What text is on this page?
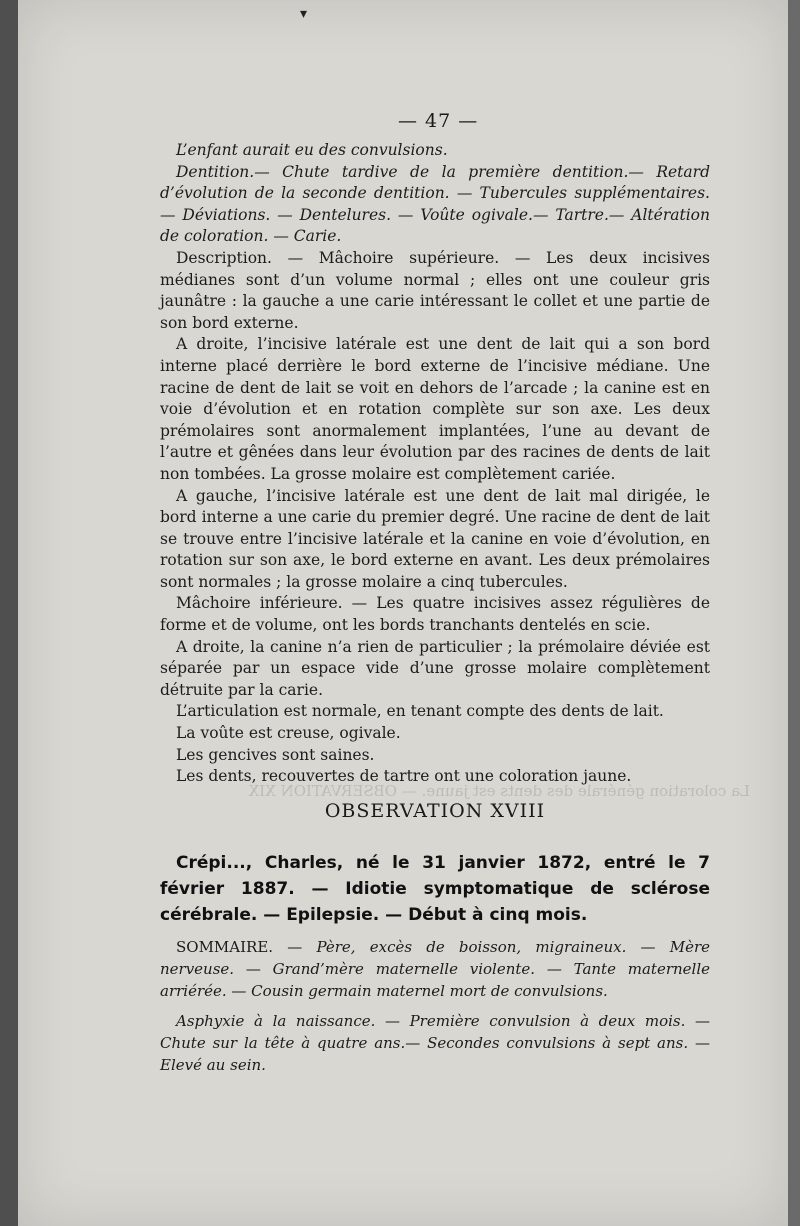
▾
— 47 —

L’enfant aurait eu des convulsions.

Dentition.— Chute tardive de la première dentition.— Retard d’évolution de la seconde dentition. — Tubercules supplémentaires. — Déviations. — Dentelures. — Voûte ogivale.— Tartre.— Altération de coloration. — Carie.

Description. — Mâchoire supérieure. — Les deux incisives médianes sont d’un volume normal ; elles ont une couleur gris jaunâtre : la gauche a une carie intéressant le collet et une partie de son bord externe.

A droite, l’incisive latérale est une dent de lait qui a son bord interne placé derrière le bord externe de l’incisive médiane. Une racine de dent de lait se voit en dehors de l’arcade ; la canine est en voie d’évolution et en rotation complète sur son axe. Les deux prémolaires sont anormalement implantées, l’une au devant de l’autre et gênées dans leur évolution par des racines de dents de lait non tombées. La grosse molaire est complètement cariée.

A gauche, l’incisive latérale est une dent de lait mal dirigée, le bord interne a une carie du premier degré. Une racine de dent de lait se trouve entre l’incisive latérale et la canine en voie d’évolution, en rotation sur son axe, le bord externe en avant. Les deux prémolaires sont normales ; la grosse molaire a cinq tubercules.

Mâchoire inférieure. — Les quatre incisives assez régulières de forme et de volume, ont les bords tranchants dentelés en scie.

A droite, la canine n’a rien de particulier ; la prémolaire déviée est séparée par un espace vide d’une grosse molaire complètement détruite par la carie.

L’articulation est normale, en tenant compte des dents de lait.

La voûte est creuse, ogivale.

Les gencives sont saines.

Les dents, recouvertes de tartre ont une coloration jaune.

OBSERVATION XVIII

Crépi..., Charles, né le 31 janvier 1872, entré le 7 février 1887. — Idiotie symptomatique de sclérose cérébrale. — Epilepsie. — Début à cinq mois.

SOMMAIRE. — Père, excès de boisson, migraineux. — Mère nerveuse. — Grand’mère maternelle violente. — Tante maternelle arriérée. — Cousin germain maternel mort de convulsions.

Asphyxie à la naissance. — Première convulsion à deux mois. — Chute sur la tête à quatre ans.— Secondes convulsions à sept ans. — Elevé au sein.
